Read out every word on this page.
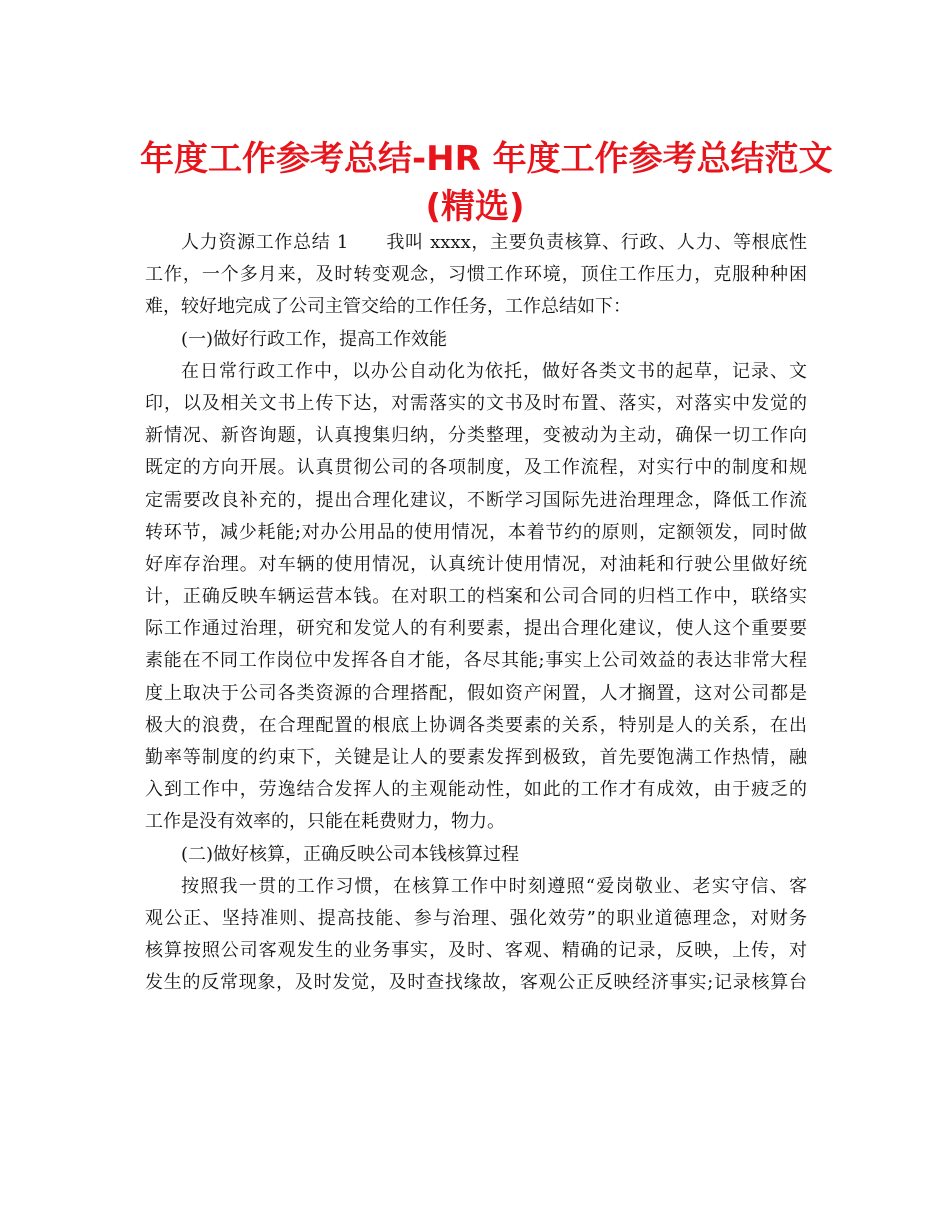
年度工作参考总结-HR 年度工作参考总结范文
(精选)
人力资源工作总结 1　　我叫 xxxx，主要负责核算、行政、人力、等根底性
工作，一个多月来，及时转变观念，习惯工作环境，顶住工作压力，克服种种困
难，较好地完成了公司主管交给的工作任务，工作总结如下：
(一)做好行政工作，提高工作效能
在日常行政工作中，以办公自动化为依托，做好各类文书的起草，记录、文
印，以及相关文书上传下达，对需落实的文书及时布置、落实，对落实中发觉的
新情况、新咨询题，认真搜集归纳，分类整理，变被动为主动，确保一切工作向
既定的方向开展。认真贯彻公司的各项制度，及工作流程，对实行中的制度和规
定需要改良补充的，提出合理化建议，不断学习国际先进治理理念，降低工作流
转环节，减少耗能;对办公用品的使用情况，本着节约的原则，定额领发，同时做
好库存治理。对车辆的使用情况，认真统计使用情况，对油耗和行驶公里做好统
计，正确反映车辆运营本钱。在对职工的档案和公司合同的归档工作中，联络实
际工作通过治理，研究和发觉人的有利要素，提出合理化建议，使人这个重要要
素能在不同工作岗位中发挥各自才能，各尽其能;事实上公司效益的表达非常大程
度上取决于公司各类资源的合理搭配，假如资产闲置，人才搁置，这对公司都是
极大的浪费，在合理配置的根底上协调各类要素的关系，特别是人的关系，在出
勤率等制度的约束下，关键是让人的要素发挥到极致，首先要饱满工作热情，融
入到工作中，劳逸结合发挥人的主观能动性，如此的工作才有成效，由于疲乏的
工作是没有效率的，只能在耗费财力，物力。
(二)做好核算，正确反映公司本钱核算过程
按照我一贯的工作习惯，在核算工作中时刻遵照“爱岗敬业、老实守信、客
观公正、坚持准则、提高技能、参与治理、强化效劳”的职业道德理念，对财务
核算按照公司客观发生的业务事实，及时、客观、精确的记录，反映，上传，对
发生的反常现象，及时发觉，及时查找缘故，客观公正反映经济事实;记录核算台
